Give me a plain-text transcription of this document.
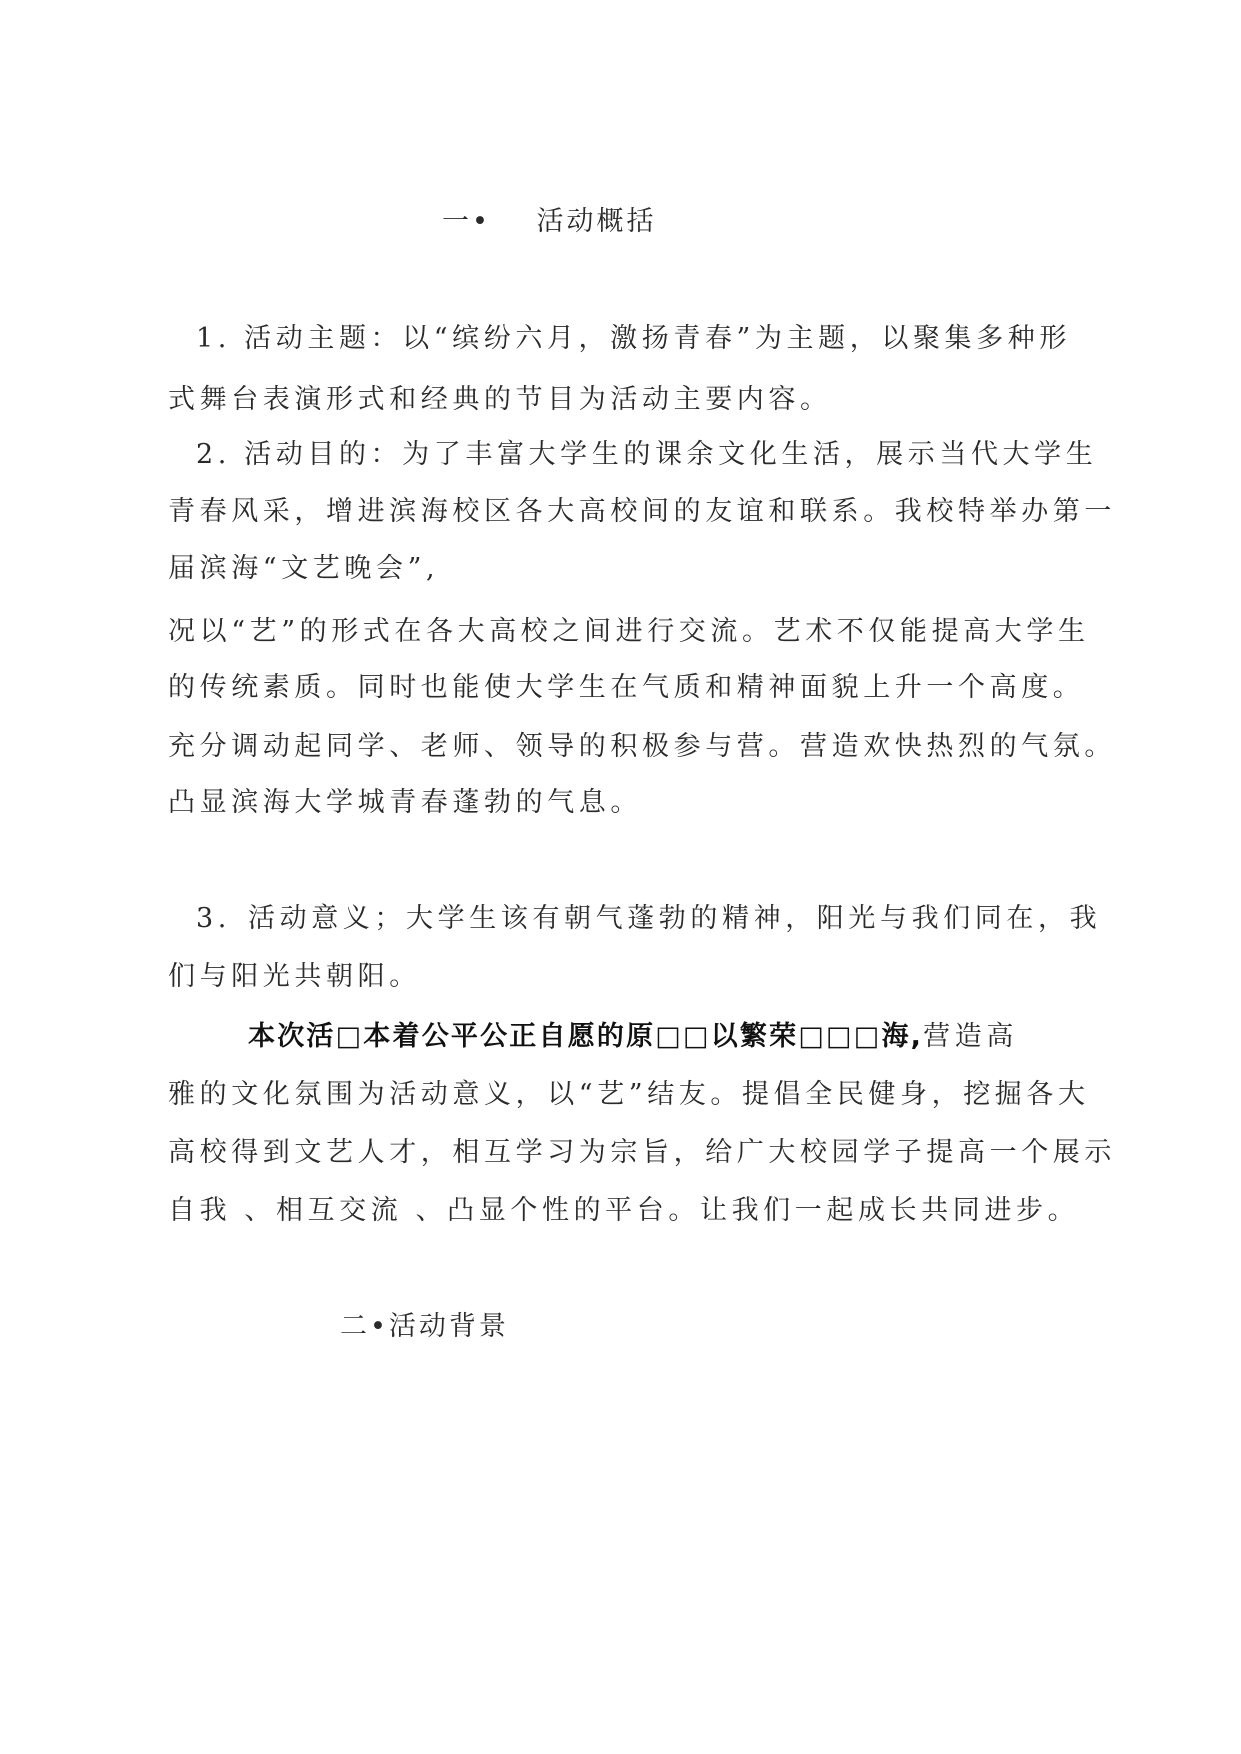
一• 活动概括
1. 活动主题：以“缤纷六月，激扬青春”为主题，以聚集多种形
式舞台表演形式和经典的节目为活动主要内容。
2. 活动目的：为了丰富大学生的课余文化生活，展示当代大学生
青春风采，增进滨海校区各大高校间的友谊和联系。我校特举办第一
届滨海“文艺晚会”,
况以“艺”的形式在各大高校之间进行交流。艺术不仅能提高大学生
的传统素质。同时也能使大学生在气质和精神面貌上升一个高度。
充分调动起同学、老师、领导的积极参与营。营造欢快热烈的气氛。
凸显滨海大学城青春蓬勃的气息。
3. 活动意义；大学生该有朝气蓬勃的精神，阳光与我们同在，我
们与阳光共朝阳。
本次活□本着公平公正自愿的原□□以繁荣□□□海,营造高
雅的文化氛围为活动意义，以“艺”结友。提倡全民健身，挖掘各大
高校得到文艺人才，相互学习为宗旨，给广大校园学子提高一个展示
自我 、相互交流 、凸显个性的平台。让我们一起成长共同进步。
二•活动背景
